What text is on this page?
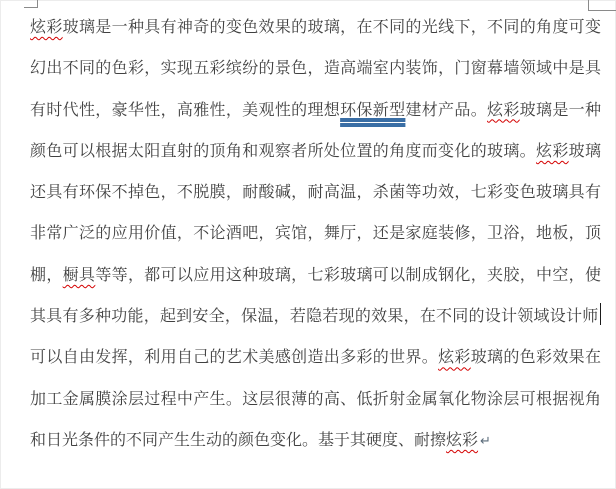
炫彩玻璃是一种具有神奇的变色效果的玻璃，在不同的光线下，不同的角度可变
幻出不同的色彩，实现五彩缤纷的景色，造高端室内装饰，门窗幕墙领域中是具
有时代性，豪华性，高雅性，美观性的理想环保新型建材产品。炫彩玻璃是一种
颜色可以根据太阳直射的顶角和观察者所处位置的角度而变化的玻璃。炫彩玻璃
还具有环保不掉色，不脱膜，耐酸碱，耐高温，杀菌等功效，七彩变色玻璃具有
非常广泛的应用价值，不论酒吧，宾馆，舞厅，还是家庭装修，卫浴，地板，顶
棚，橱具等等，都可以应用这种玻璃，七彩玻璃可以制成钢化，夹胶，中空，使
其具有多种功能，起到安全，保温，若隐若现的效果，在不同的设计领域设计师
可以自由发挥，利用自己的艺术美感创造出多彩的世界。炫彩玻璃的色彩效果在
加工金属膜涂层过程中产生。这层很薄的高、低折射金属氧化物涂层可根据视角
和日光条件的不同产生生动的颜色变化。基于其硬度、耐擦炫彩 ↵
